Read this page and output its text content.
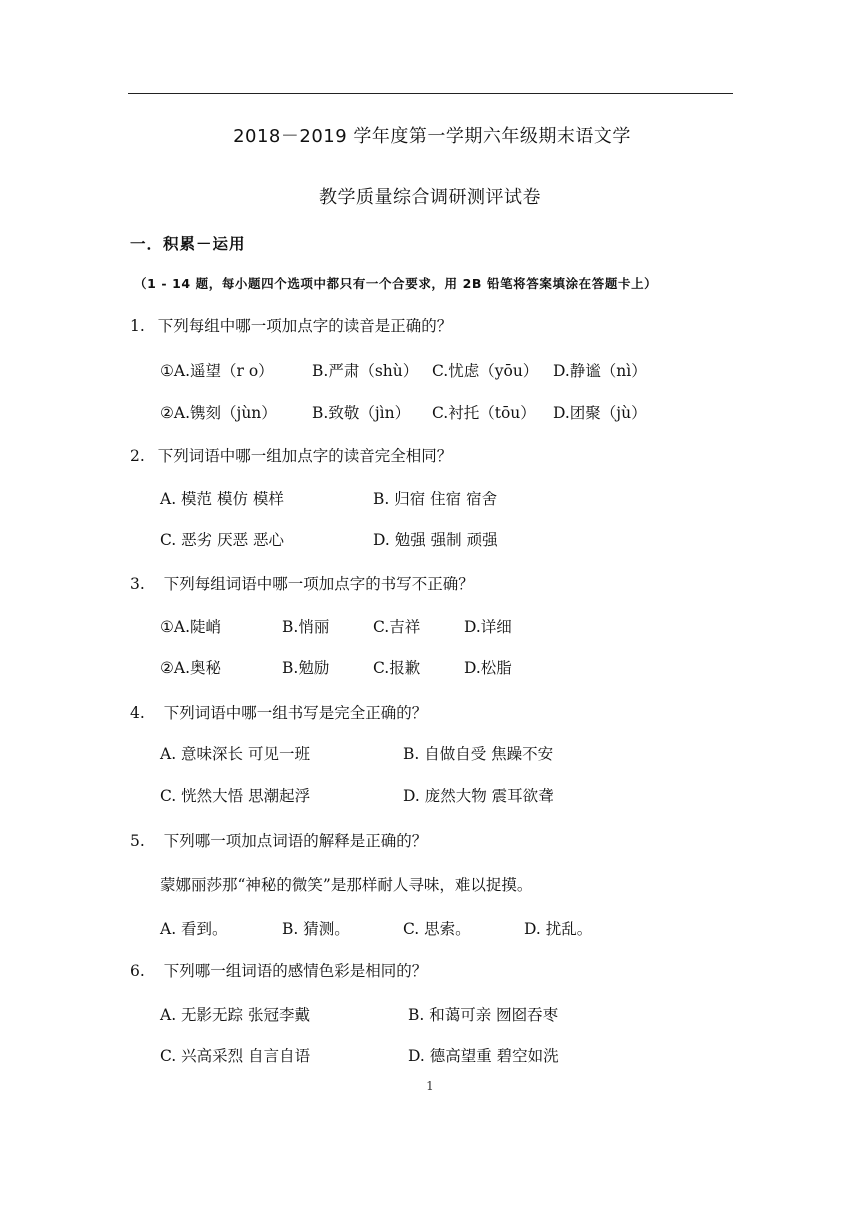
2018－2019 学年度第一学期六年级期末语文学
教学质量综合调研测评试卷
一．积累－运用
（1 - 14 题，每小题四个选项中都只有一个合要求，用 2B 铅笔将答案填涂在答题卡上）
1. 下列每组中哪一项加点字的读音是正确的？
①A.遥望（r o） B.严肃（shù） C.忧虑（yōu） D.静谧（nì）
②A.镌刻（jùn） B.致敬（jìn） C.衬托（tōu） D.团聚（jù）
2. 下列词语中哪一组加点字的读音完全相同？
A. 模范 模仿 模样	B. 归宿 住宿 宿舍
C. 恶劣 厌恶 恶心	D. 勉强 强制 顽强
3. 下列每组词语中哪一项加点字的书写不正确？
①A.陡峭	B.悄丽	C.吉祥	D.详细
②A.奥秘	B.勉励	C.报歉	D.松脂
4. 下列词语中哪一组书写是完全正确的？
A. 意味深长 可见一班	B. 自做自受 焦躁不安
C. 恍然大悟 思潮起浮	D. 庞然大物 震耳欲聋
5. 下列哪一项加点词语的解释是正确的？
蒙娜丽莎那“神秘的微笑”是那样耐人寻味，难以捉摸。
A. 看到。	B. 猜测。	C. 思索。	D. 扰乱。
6. 下列哪一组词语的感情色彩是相同的？
A. 无影无踪 张冠李戴	B. 和蔼可亲 囫囵吞枣
C. 兴高采烈 自言自语	D. 德高望重 碧空如洗
1
